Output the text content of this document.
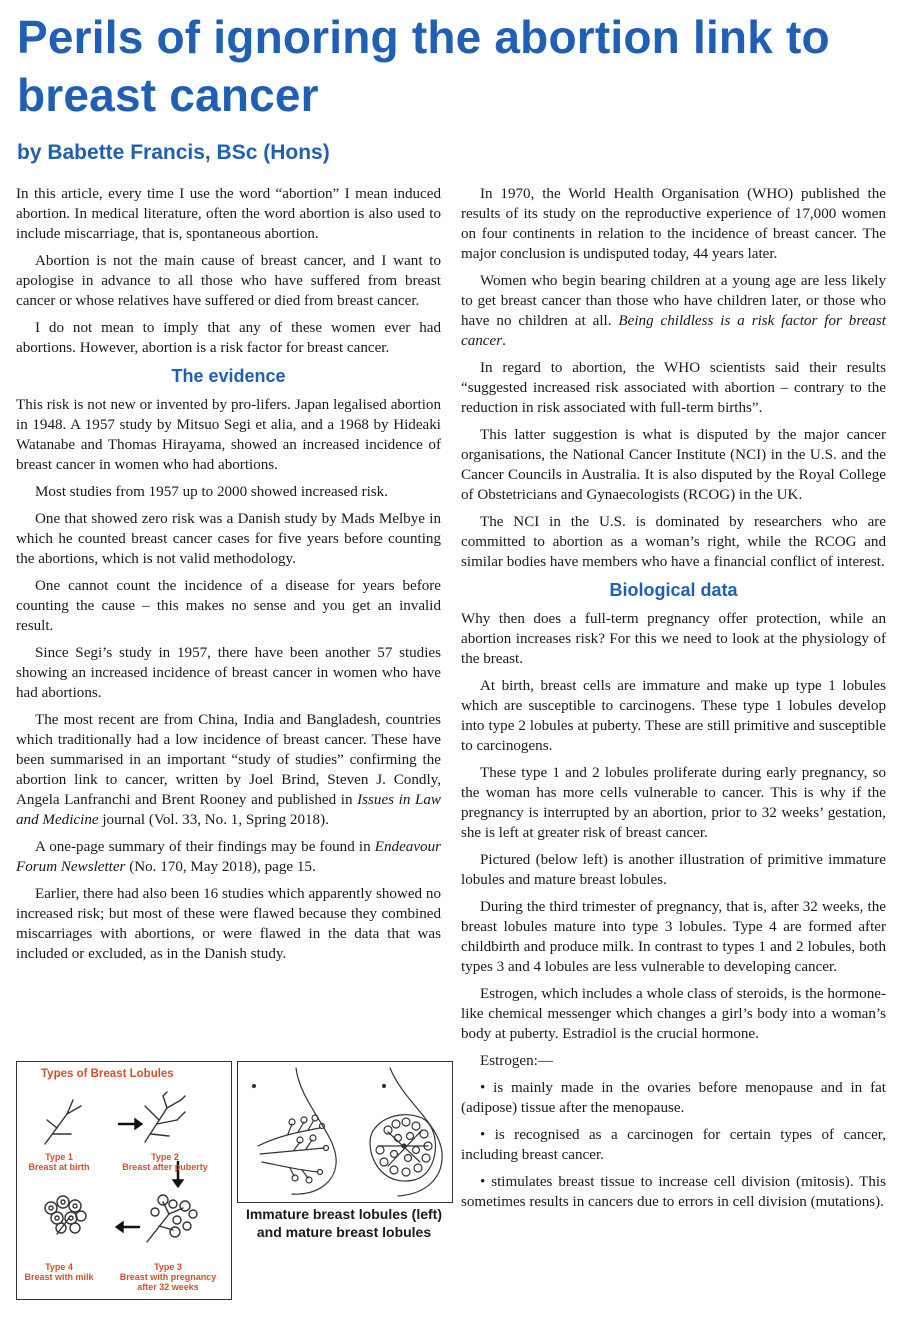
Perils of ignoring the abortion link to breast cancer
by Babette Francis, BSc (Hons)

In this article, every time I use the word “abortion” I mean induced abortion. In medical literature, often the word abortion is also used to include miscarriage, that is, spontaneous abortion.

Abortion is not the main cause of breast cancer, and I want to apologise in advance to all those who have suffered from breast cancer or whose relatives have suffered or died from breast cancer.

I do not mean to imply that any of these women ever had abortions. However, abortion is a risk factor for breast cancer.

The evidence

This risk is not new or invented by pro-lifers. Japan legalised abortion in 1948. A 1957 study by Mitsuo Segi et alia, and a 1968 by Hideaki Watanabe and Thomas Hirayama, showed an increased incidence of breast cancer in women who had abortions.

Most studies from 1957 up to 2000 showed increased risk.

One that showed zero risk was a Danish study by Mads Melbye in which he counted breast cancer cases for five years before counting the abortions, which is not valid methodology.

One cannot count the incidence of a disease for years before counting the cause – this makes no sense and you get an invalid result.

Since Segi’s study in 1957, there have been another 57 studies showing an increased incidence of breast cancer in women who have had abortions.

The most recent are from China, India and Bangladesh, countries which traditionally had a low incidence of breast cancer. These have been summarised in an important “study of studies” confirming the abortion link to cancer, written by Joel Brind, Steven J. Condly, Angela Lanfranchi and Brent Rooney and published in Issues in Law and Medicine journal (Vol. 33, No. 1, Spring 2018).

A one-page summary of their findings may be found in Endeavour Forum Newsletter (No. 170, May 2018), page 15.

Earlier, there had also been 16 studies which apparently showed no increased risk; but most of these were flawed because they combined miscarriages with abortions, or were flawed in the data that was included or excluded, as in the Danish study.

In 1970, the World Health Organisation (WHO) published the results of its study on the reproductive experience of 17,000 women on four continents in relation to the incidence of breast cancer. The major conclusion is undisputed today, 44 years later.

Women who begin bearing children at a young age are less likely to get breast cancer than those who have children later, or those who have no children at all. Being childless is a risk factor for breast cancer.

In regard to abortion, the WHO scientists said their results “suggested increased risk associated with abortion – contrary to the reduction in risk associated with full-term births”.

This latter suggestion is what is disputed by the major cancer organisations, the National Cancer Institute (NCI) in the U.S. and the Cancer Councils in Australia. It is also disputed by the Royal College of Obstetricians and Gynaecologists (RCOG) in the UK.

The NCI in the U.S. is dominated by researchers who are committed to abortion as a woman’s right, while the RCOG and similar bodies have members who have a financial conflict of interest.

Biological data

Why then does a full-term pregnancy offer protection, while an abortion increases risk? For this we need to look at the physiology of the breast.

At birth, breast cells are immature and make up type 1 lobules which are susceptible to carcinogens. These type 1 lobules develop into type 2 lobules at puberty. These are still primitive and susceptible to carcinogens.

These type 1 and 2 lobules proliferate during early pregnancy, so the woman has more cells vulnerable to cancer. This is why if the pregnancy is interrupted by an abortion, prior to 32 weeks’ gestation, she is left at greater risk of breast cancer.

Pictured (below left) is another illustration of primitive immature lobules and mature breast lobules.

During the third trimester of pregnancy, that is, after 32 weeks, the breast lobules mature into type 3 lobules. Type 4 are formed after childbirth and produce milk. In contrast to types 1 and 2 lobules, both types 3 and 4 lobules are less vulnerable to developing cancer.

Estrogen, which includes a whole class of steroids, is the hormone-like chemical messenger which changes a girl’s body into a woman’s body at puberty. Estradiol is the crucial hormone.

Estrogen:—

• is mainly made in the ovaries before menopause and in fat (adipose) tissue after the menopause.

• is recognised as a carcinogen for certain types of cancer, including breast cancer.

• stimulates breast tissue to increase cell division (mitosis). This sometimes results in cancers due to errors in cell division (mutations).

Types of Breast Lobules
Type 1
Breast at birth
Type 2
Breast after puberty
Type 4
Breast with milk
Type 3
Breast with pregnancy after 32 weeks
Immature breast lobules (left) and mature breast lobules
